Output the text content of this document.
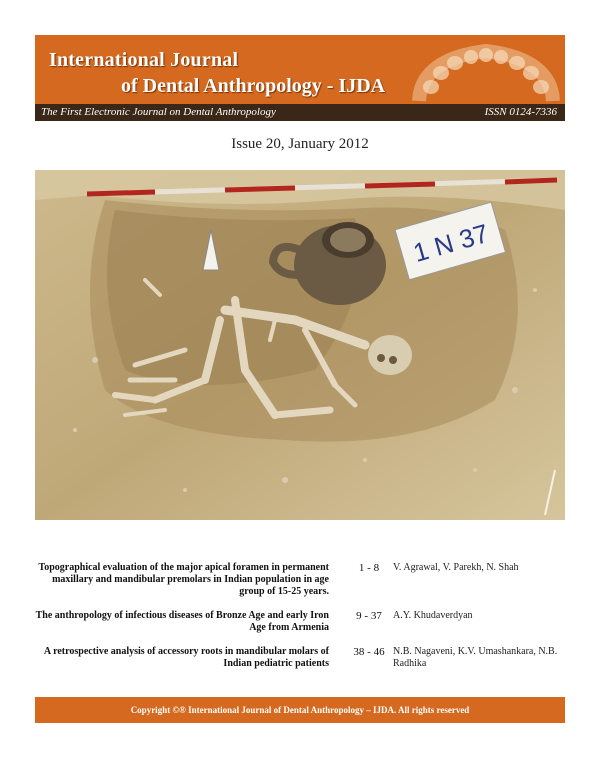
International Journal
of Dental Anthropology - IJDA
The First Electronic Journal on Dental Anthropology	ISSN 0124-7336
Issue 20, January 2012
1 N 37
Topographical evaluation of the major apical foramen in permanent maxillary and mandibular premolars in Indian population in age group of 15-25 years.
1 - 8	V. Agrawal, V. Parekh, N. Shah
The anthropology of infectious diseases of Bronze Age and early Iron Age from Armenia
9 - 37	A.Y. Khudaverdyan
A retrospective analysis of accessory roots in mandibular molars of Indian pediatric patients
38 - 46 N.B. Nagaveni, K.V. Umashankara, N.B. Radhika
Copyright ©® International Journal of Dental Anthropology – IJDA. All rights reserved
